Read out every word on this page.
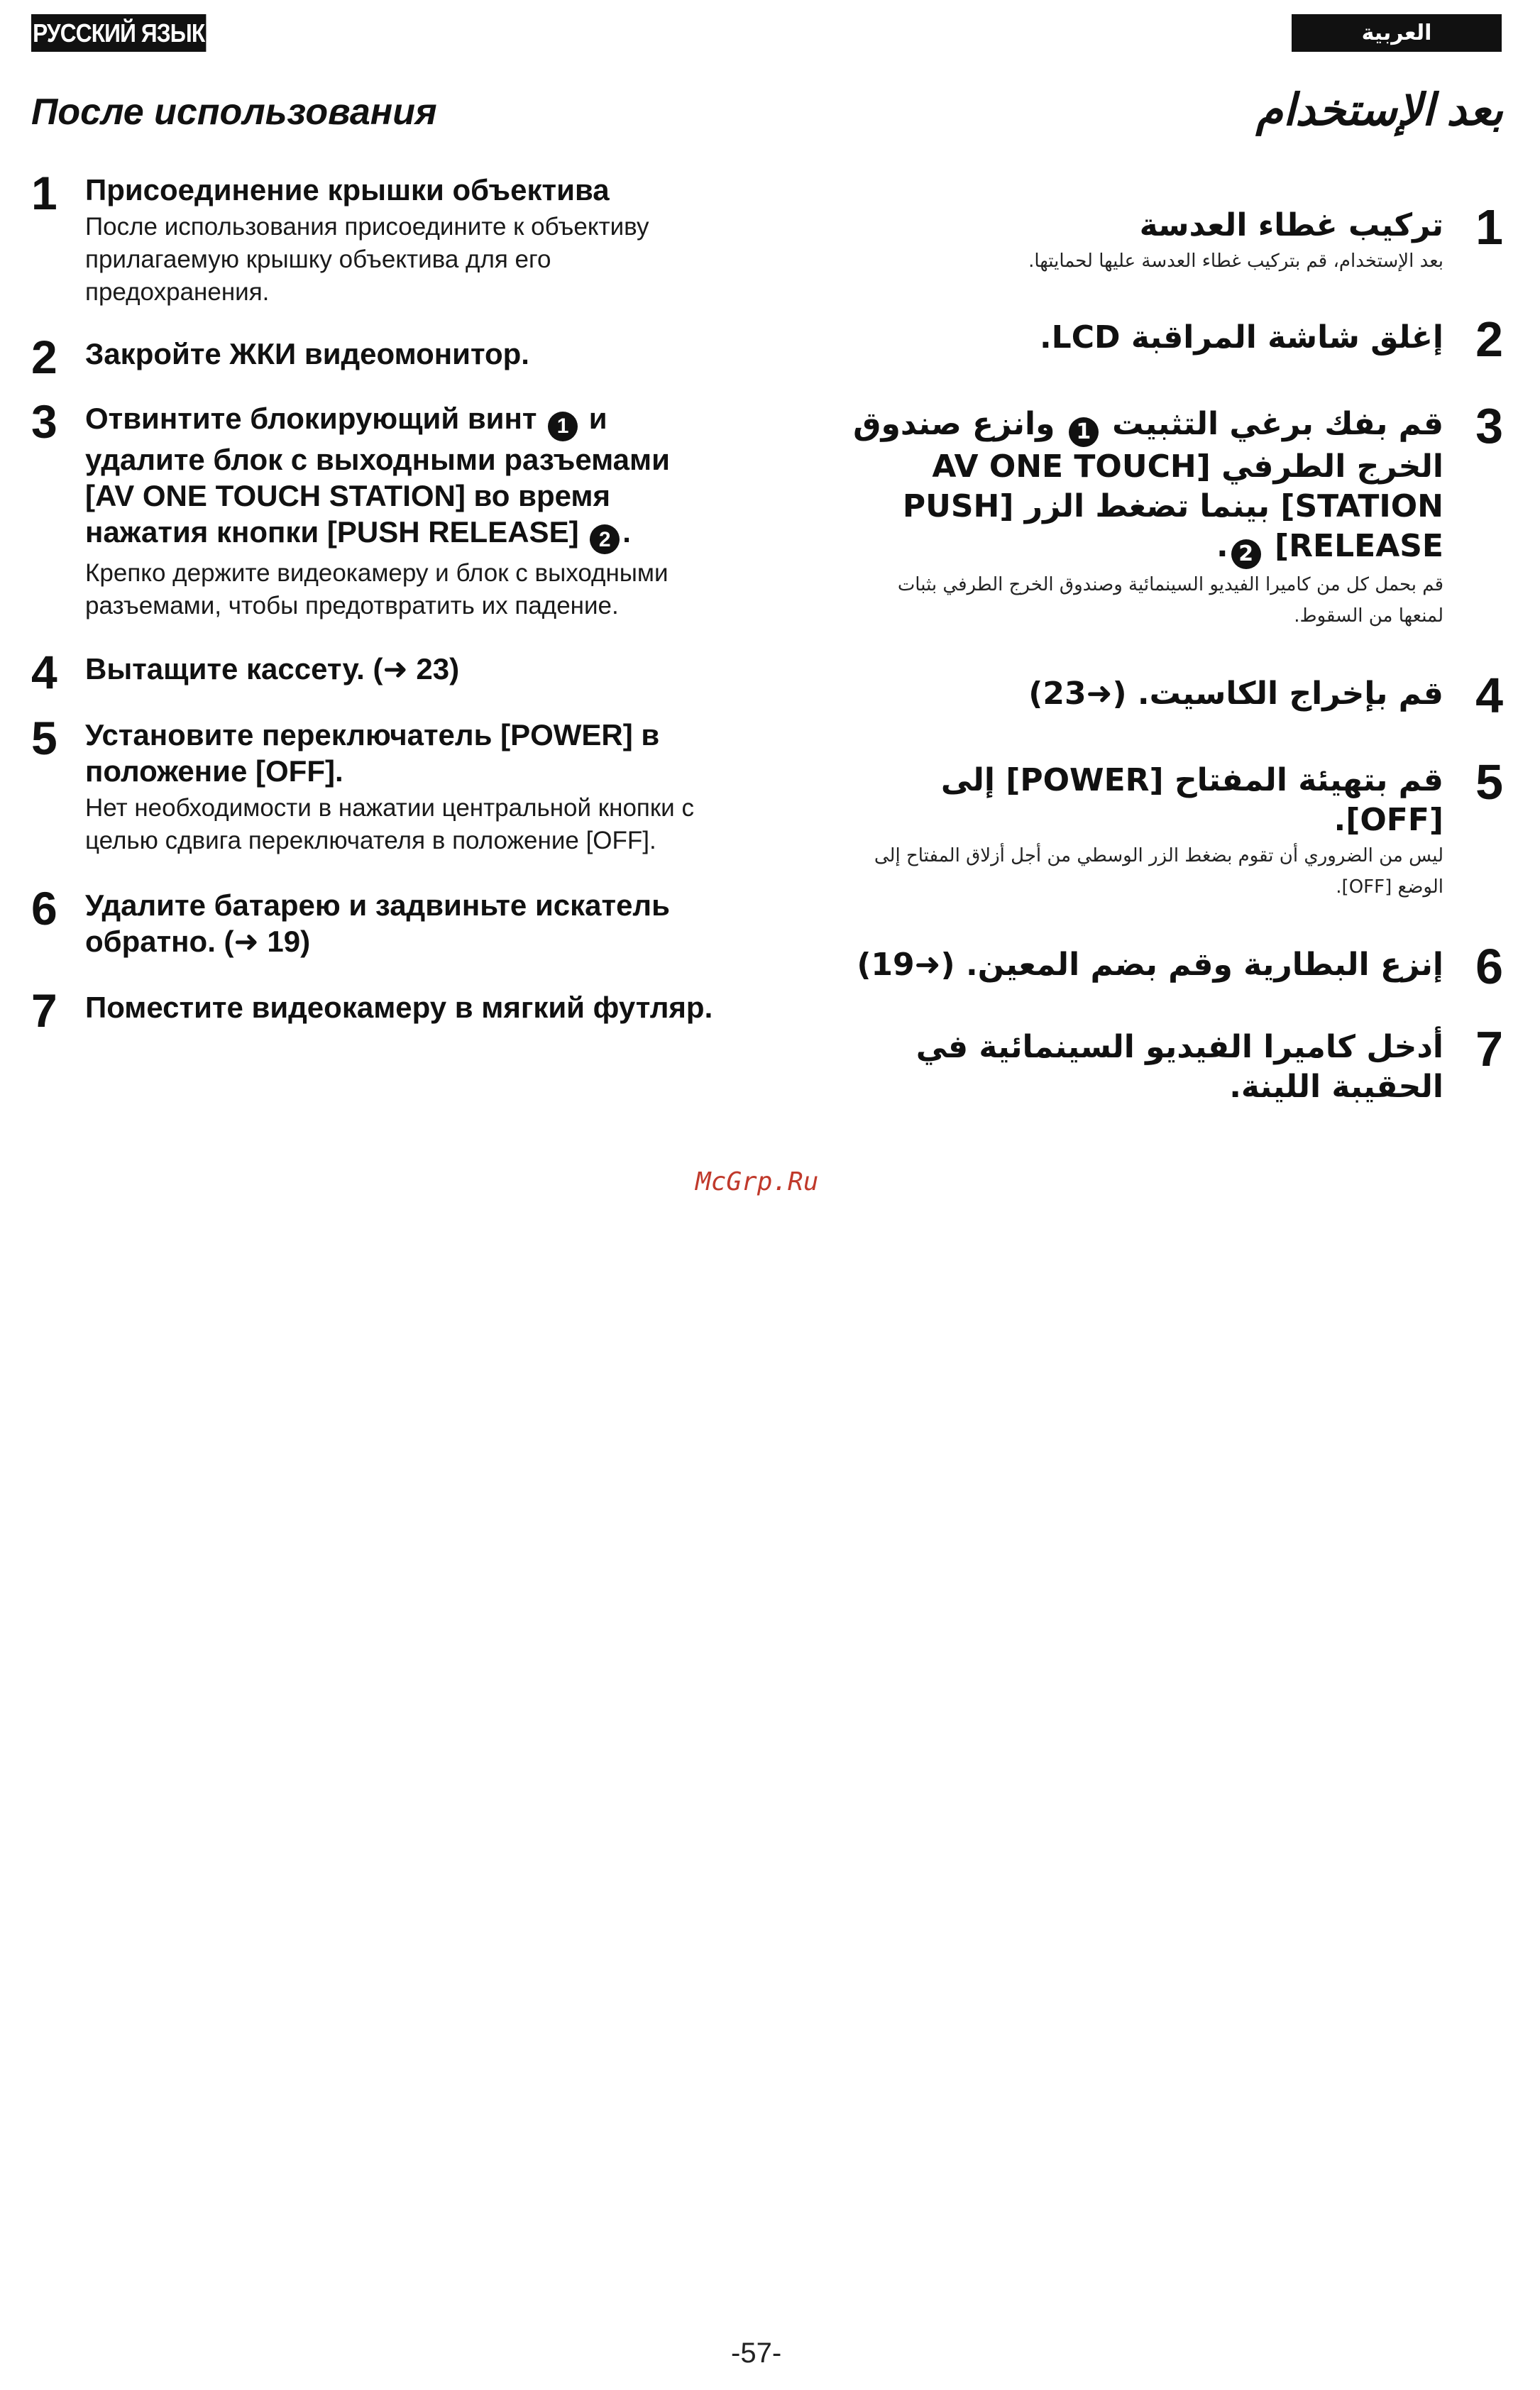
РУССКИЙ ЯЗЫК	العربية
После использования	بعد الإستخدام
1 Присоединение крышки объектива
После использования присоедините к объективу прилагаемую крышку объектива для его предохранения.
2 Закройте ЖКИ видеомонитор.
3 Отвинтите блокирующий винт 1 и удалите блок с выходными разъемами [AV ONE TOUCH STATION] во время нажатия кнопки [PUSH RELEASE] 2 .
Крепко держите видеокамеру и блок с выходными разъемами, чтобы предотвратить их падение.
4 Вытащите кассету. (➜ 23)
5 Установите переключатель [POWER] в положение [OFF].
Нет необходимости в нажатии центральной кнопки с целью сдвига переключателя в положение [OFF].
6 Удалите батарею и задвиньте искатель обратно. (➜ 19)
7 Поместите видеокамеру в мягкий футляр.
1
تركيب غطاء العدسة
بعد الإستخدام، قم بتركيب غطاء العدسة عليها لحمايتها.
2
إغلق شاشة المراقبة LCD.
3
قم بفك برغي التثبيت 1 وانزع صندوق الخرج الطرفي [AV ONE TOUCH STATION] بينما تضغط الزر [PUSH RELEASE] 2.
قم بحمل كل من كاميرا الفيديو السينمائية وصندوق الخرج الطرفي بثبات لمنعها من السقوط.
4
قم بإخراج الكاسيت. (➜23)
5
قم بتهيئة المفتاح [POWER] إلى [OFF].
ليس من الضروري أن تقوم بضغط الزر الوسطي من أجل أزلاق المفتاح إلى الوضع [OFF].
6
إنزع البطارية وقم بضم المعين. (➜19)
7
أدخل كاميرا الفيديو السينمائية في الحقيبة اللينة.
McGrp.Ru
-57-
